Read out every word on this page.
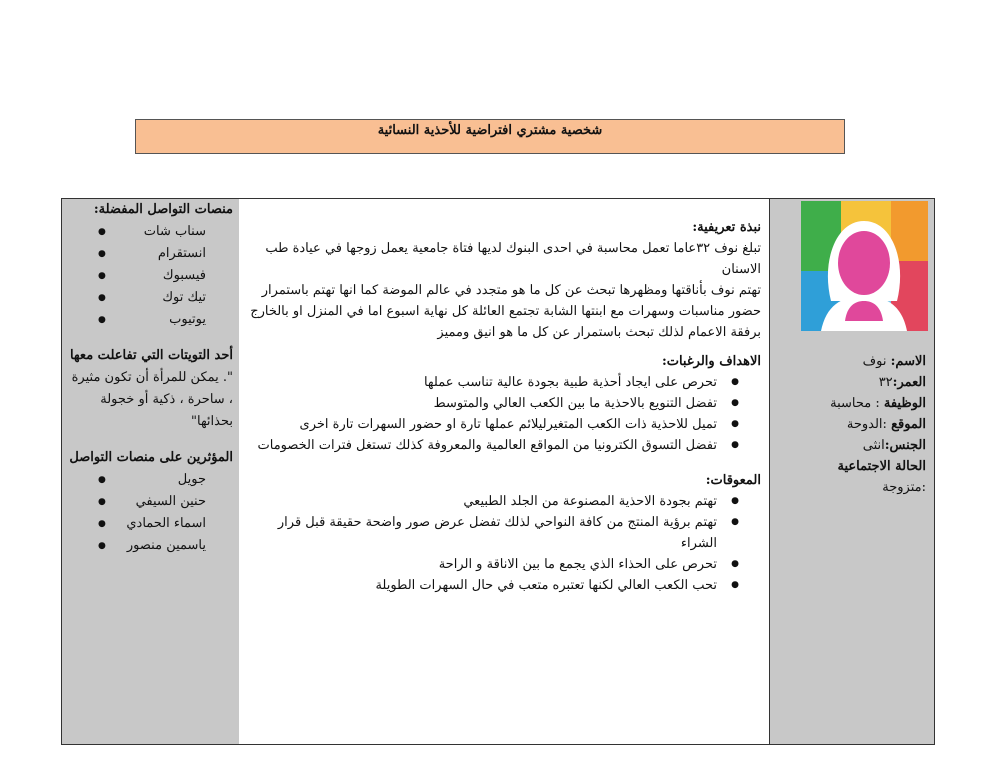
شخصية مشتري افتراضية للأحذية النسائية
الاسم: نوف
العمر:٣٢
الوظيفة : محاسبة
الموقع :الدوحة
الجنس:انثى
الحالة الاجتماعية
:متزوجة
نبذة تعريفية:
تبلغ نوف ٣٢عاما تعمل محاسبة في احدى البنوك لديها فتاة جامعية يعمل زوجها في عيادة طب الاسنان
تهتم نوف بأناقتها ومظهرها تبحث عن كل ما هو متجدد في عالم الموضة كما انها تهتم باستمرار حضور مناسبات وسهرات مع ابنتها الشابة تجتمع العائلة كل نهاية اسبوع اما في المنزل او بالخارج برفقة الاعمام لذلك تبحث باستمرار عن كل ما هو انيق ومميز
الاهداف والرغبات:
● تحرص على ايجاد أحذية طبية بجودة عالية تناسب عملها
● تفضل التنويع بالاحذية ما بين الكعب العالي والمتوسط
● تميل للاحذية ذات الكعب المتغيرليلائم عملها تارة او حضور السهرات تارة اخرى
● تفضل التسوق الكترونيا من المواقع العالمية والمعروفة كذلك تستغل فترات الخصومات
المعوقات:
● تهتم بجودة الاحذية المصنوعة من الجلد الطبيعي
● تهتم برؤية المنتج من كافة النواحي لذلك تفضل عرض صور واضحة حقيقة قبل قرار الشراء
● تحرص على الحذاء الذي يجمع ما بين الاناقة و الراحة
● تحب الكعب العالي لكنها تعتبره متعب في حال السهرات الطويلة
منصات التواصل المفضلة:
سناب شات
●
انستقرام
●
فيسبوك
●
تيك توك
●
يوتيوب
●
أحد التويتات التي تفاعلت معها
". يمكن للمرأة أن تكون مثيرة ، ساحرة ، ذكية أو خجولة بحذائها"
المؤثرين على منصات التواصل
جويل
●
حنين السيفي
●
اسماء الحمادي
●
ياسمين منصور
●
